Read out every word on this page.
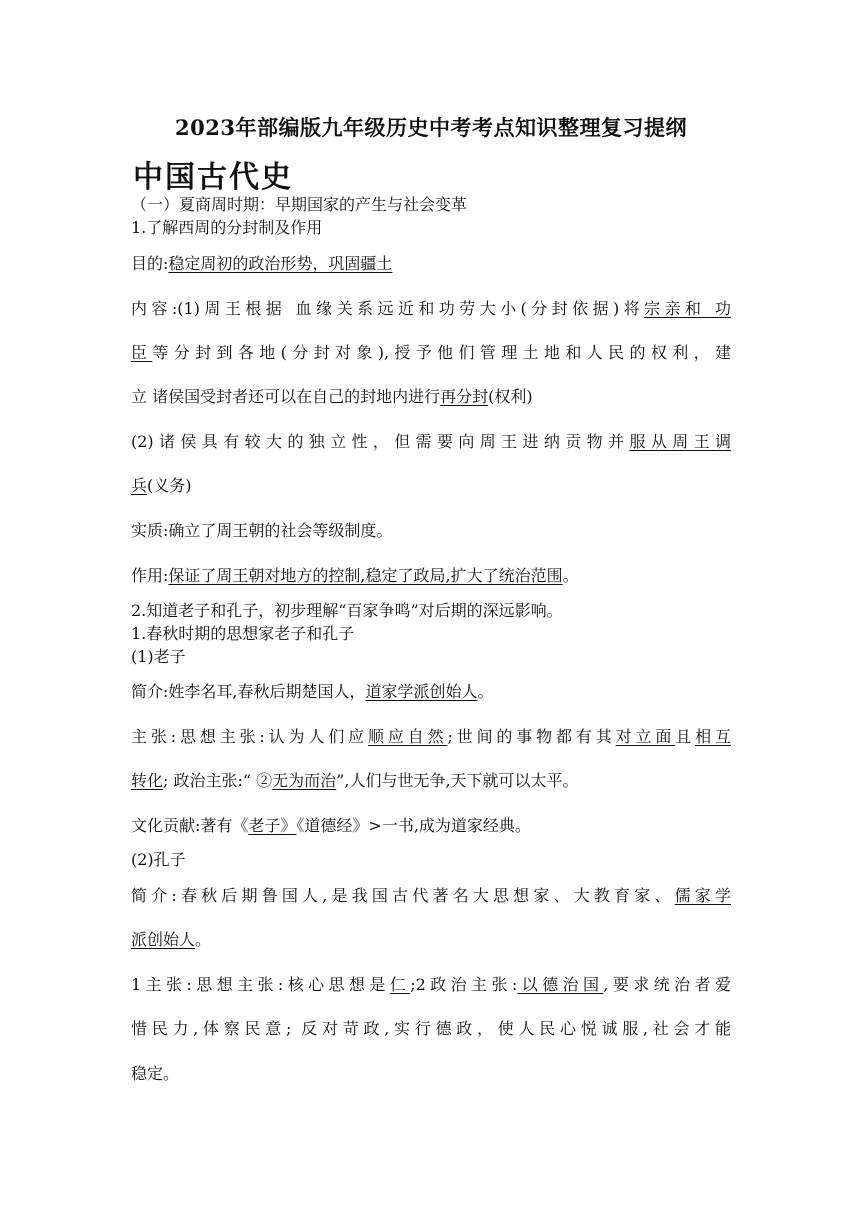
2023年部编版九年级历史中考考点知识整理复习提纲
中国古代史
（一）夏商周时期：早期国家的产生与社会变革
1.了解西周的分封制及作用
目的:稳定周初的政治形势，巩固疆土
内容:(1)周王根据 血缘关系远近和功劳大小(分封依据)将宗亲和 功
臣等分封到各地(分封对象),授予他们管理土地和人民的权利，建
立 诸侯国受封者还可以在自己的封地内进行再分封(权利)
(2)诸侯具有较大的独立性，但需要向周王进纳贡物并服从周王调
兵(义务)
实质:确立了周王朝的社会等级制度。
作用:保证了周王朝对地方的控制,稳定了政局,扩大了统治范围。
2.知道老子和孔子，初步理解“百家争鸣”对后期的深远影响。
1.春秋时期的思想家老子和孔子
(1)老子
简介:姓李名耳,春秋后期楚国人，道家学派创始人。
主张:思想主张:认为人们应顺应自然;世间的事物都有其对立面且相互
转化; 政治主张:“ ②无为而治”,人们与世无争,天下就可以太平。
文化贡献:著有《老子》《道德经》>一书,成为道家经典。
(2)孔子
简介:春秋后期鲁国人,是我国古代著名大思想家、大教育家、儒家学
派创始人。
1主张:思想主张:核心思想是仁;2政治主张:以德治国,要求统治者爱
惜民力,体察民意; 反对苛政,实行德政，使人民心悦诚服,社会才能
稳定。
